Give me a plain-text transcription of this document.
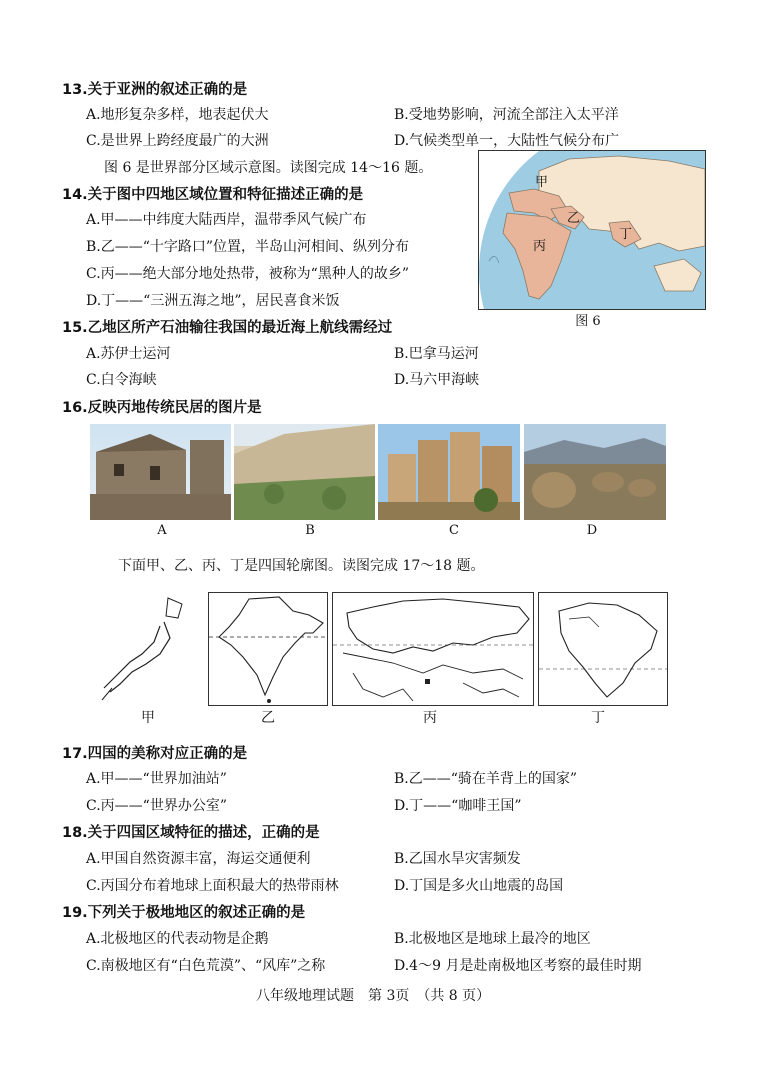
13.关于亚洲的叙述正确的是
A.地形复杂多样，地表起伏大	B.受地势影响，河流全部注入太平洋
C.是世界上跨经度最广的大洲	D.气候类型单一，大陆性气候分布广
图 6 是世界部分区域示意图。读图完成 14～16 题。
甲
乙
丙
丁
图 6
14.关于图中四地区域位置和特征描述正确的是
A.甲——中纬度大陆西岸，温带季风气候广布
B.乙——“十字路口”位置，半岛山河相间、纵列分布
C.丙——绝大部分地处热带，被称为“黑种人的故乡”
D.丁——“三洲五海之地”，居民喜食米饭
15.乙地区所产石油输往我国的最近海上航线需经过
A.苏伊士运河	B.巴拿马运河
C.白令海峡	D.马六甲海峡
16.反映丙地传统民居的图片是
A	B	C	D
下面甲、乙、丙、丁是四国轮廓图。读图完成 17～18 题。
甲	乙	丙	丁
17.四国的美称对应正确的是
A.甲——“世界加油站”	B.乙——“骑在羊背上的国家”
C.丙——“世界办公室”	D.丁——“咖啡王国”
18.关于四国区域特征的描述，正确的是
A.甲国自然资源丰富，海运交通便利	B.乙国水旱灾害频发
C.丙国分布着地球上面积最大的热带雨林	D.丁国是多火山地震的岛国
19.下列关于极地地区的叙述正确的是
A.北极地区的代表动物是企鹅	B.北极地区是地球上最冷的地区
C.南极地区有“白色荒漠”、“风库”之称	D.4～9 月是赴南极地区考察的最佳时期
八年级地理试题　第 3页　（共 8 页）
